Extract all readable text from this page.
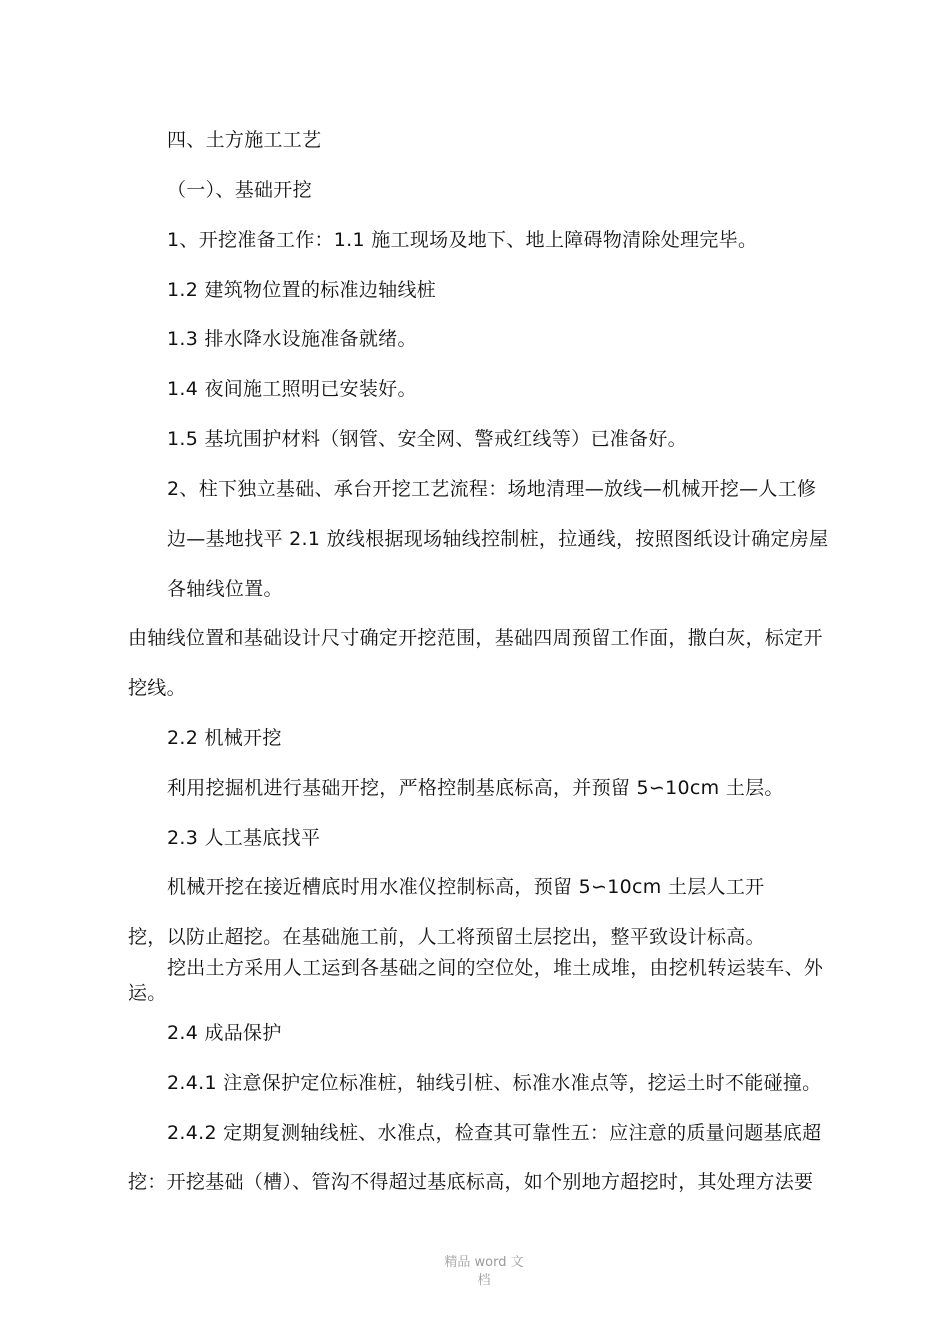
四、土方施工工艺
（一）、基础开挖
1、开挖准备工作：1.1 施工现场及地下、地上障碍物清除处理完毕。
1.2 建筑物位置的标准边轴线桩
1.3 排水降水设施准备就绪。
1.4 夜间施工照明已安装好。
1.5 基坑围护材料（钢管、安全网、警戒红线等）已准备好。
2、柱下独立基础、承台开挖工艺流程：场地清理—放线—机械开挖—人工修
边—基地找平 2.1 放线根据现场轴线控制桩，拉通线，按照图纸设计确定房屋
各轴线位置。
由轴线位置和基础设计尺寸确定开挖范围，基础四周预留工作面，撒白灰，标定开
挖线。
2.2 机械开挖
利用挖掘机进行基础开挖，严格控制基底标高，并预留 5∽10cm 土层。
2.3 人工基底找平
机械开挖在接近槽底时用水准仪控制标高，预留 5∽10cm 土层人工开
挖，以防止超挖。在基础施工前，人工将预留土层挖出，整平致设计标高。
挖出土方采用人工运到各基础之间的空位处，堆土成堆，由挖机转运装车、外
运。
2.4 成品保护
2.4.1 注意保护定位标准桩，轴线引桩、标准水准点等，挖运土时不能碰撞。
2.4.2 定期复测轴线桩、水准点，检查其可靠性五：应注意的质量问题基底超
挖：开挖基础（槽）、管沟不得超过基底标高，如个别地方超挖时，其处理方法要
精品 word 文
档
